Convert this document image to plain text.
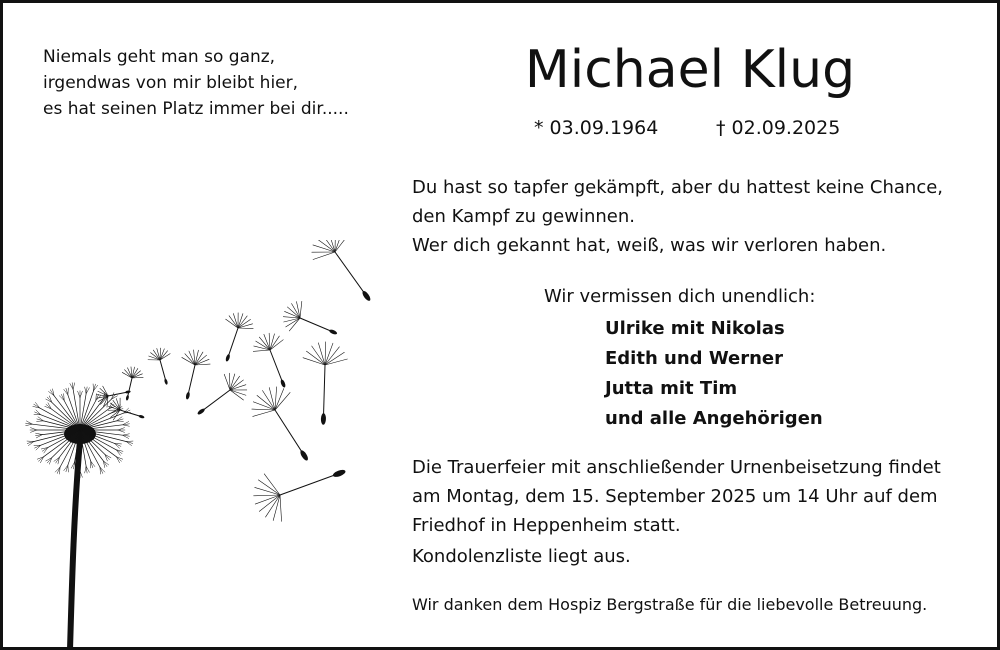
Niemals geht man so ganz,
irgendwas von mir bleibt hier,
es hat seinen Platz immer bei dir.....
Michael Klug
* 03.09.1964	† 02.09.2025
Du hast so tapfer gekämpft, aber du hattest keine Chance,
den Kampf zu gewinnen.
Wer dich gekannt hat, weiß, was wir verloren haben.
Wir vermissen dich unendlich:
Ulrike mit Nikolas
Edith und Werner
Jutta mit Tim
und alle Angehörigen
Die Trauerfeier mit anschließender Urnenbeisetzung findet
am Montag, dem 15. September 2025 um 14 Uhr auf dem
Friedhof in Heppenheim statt.
Kondolenzliste liegt aus.
Wir danken dem Hospiz Bergstraße für die liebevolle Betreuung.
